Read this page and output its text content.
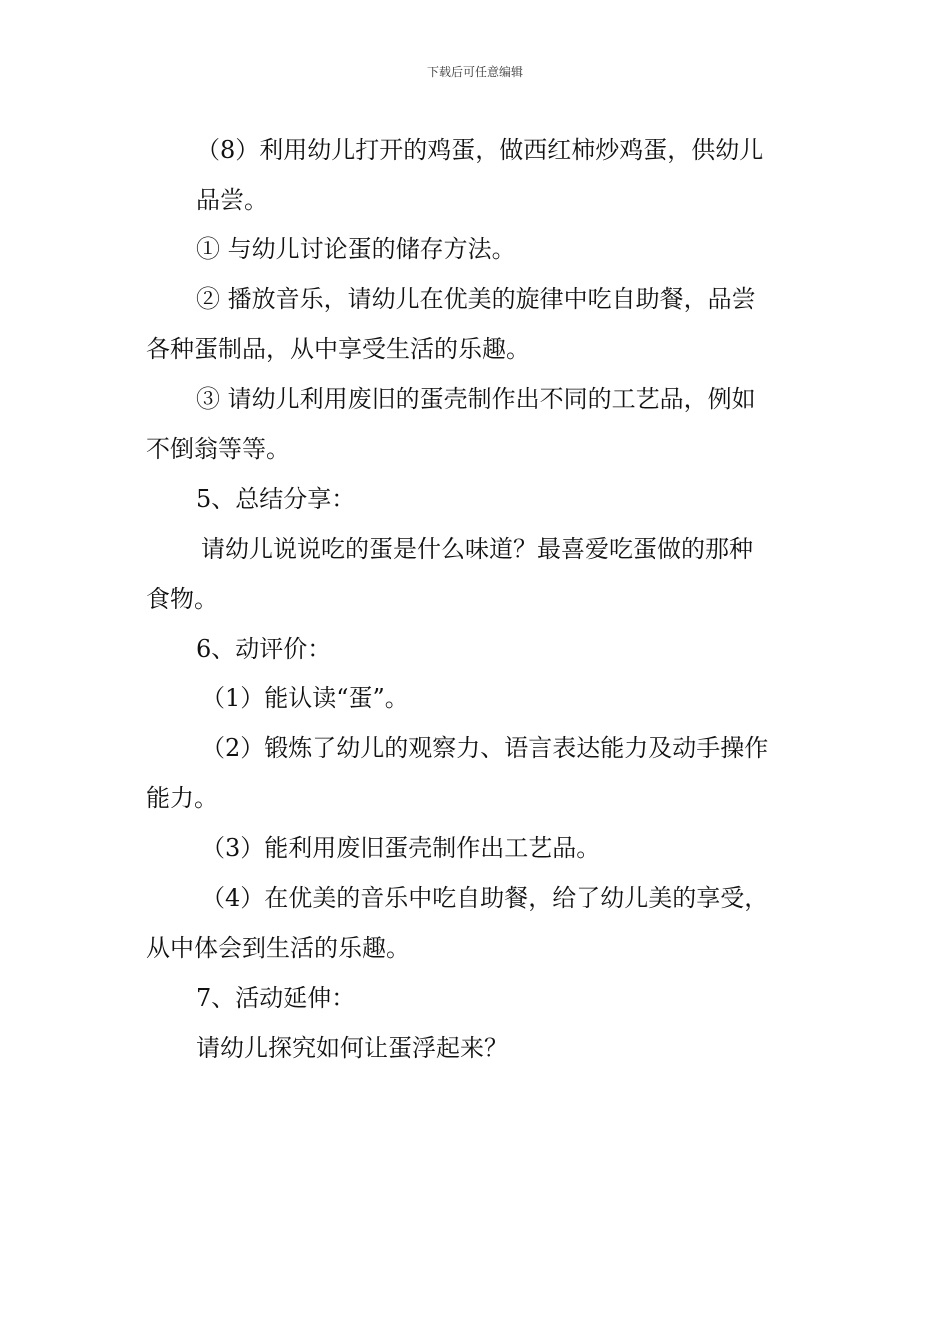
下载后可任意编辑
（8）利用幼儿打开的鸡蛋，做西红柿炒鸡蛋，供幼儿
品尝。
① 与幼儿讨论蛋的储存方法。
② 播放音乐，请幼儿在优美的旋律中吃自助餐，品尝
各种蛋制品，从中享受生活的乐趣。
③ 请幼儿利用废旧的蛋壳制作出不同的工艺品，例如
不倒翁等等。
5、总结分享：
请幼儿说说吃的蛋是什么味道？最喜爱吃蛋做的那种
食物。
6、动评价：
（1）能认读“蛋”。
（2）锻炼了幼儿的观察力、语言表达能力及动手操作
能力。
（3）能利用废旧蛋壳制作出工艺品。
（4）在优美的音乐中吃自助餐，给了幼儿美的享受，
从中体会到生活的乐趣。
7、活动延伸：
请幼儿探究如何让蛋浮起来？
